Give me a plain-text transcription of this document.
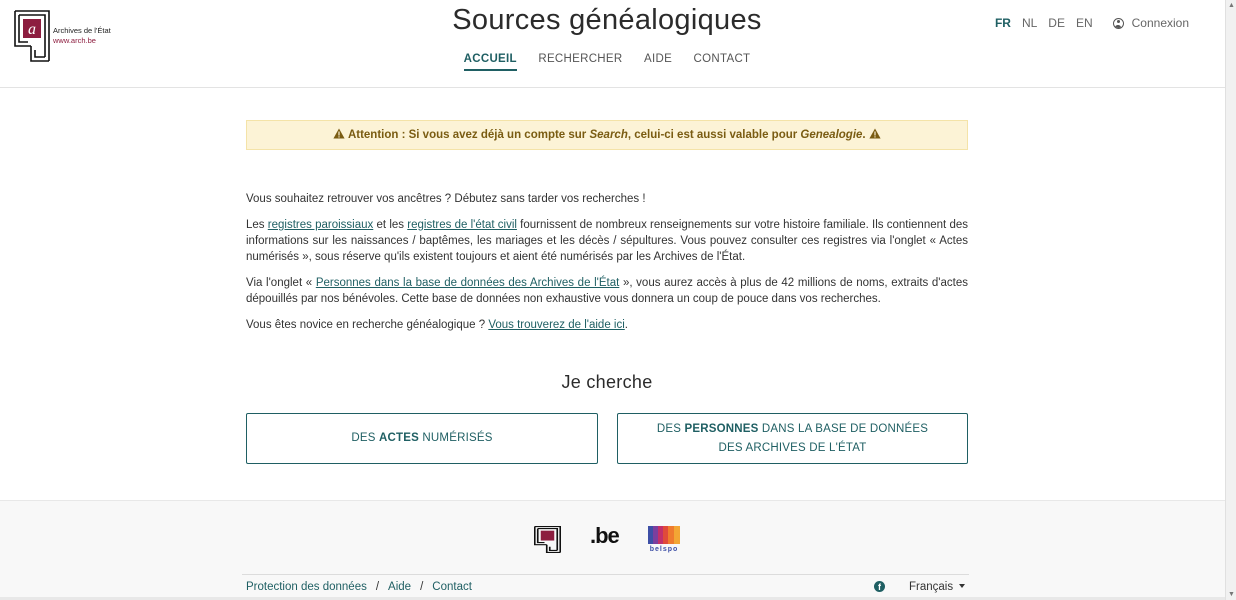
a Archives de l'État
www.arch.be
Sources généalogiques
ACCUEIL RECHERCHER AIDE CONTACT
FR NL DE EN	Connexion
▲
▼
Attention : Si vous avez déjà un compte sur Search, celui-ci est aussi valable pour Genealogie.

Vous souhaitez retrouver vos ancêtres ? Débutez sans tarder vos recherches !

Les registres paroissiaux et les registres de l'état civil fournissent de nombreux renseignements sur votre histoire familiale. Ils contiennent des informations sur les naissances / baptêmes, les mariages et les décès / sépultures. Vous pouvez consulter ces registres via l'onglet « Actes numérisés », sous réserve qu'ils existent toujours et aient été numérisés par les Archives de l'État.

Via l'onglet « Personnes dans la base de données des Archives de l'État », vous aurez accès à plus de 42 millions de noms, extraits d'actes dépouillés par nos bénévoles. Cette base de données non exhaustive vous donnera un coup de pouce dans vos recherches.

Vous êtes novice en recherche généalogique ? Vous trouverez de l'aide ici.

Je cherche
DES ACTES NUMÉRISÉS
DES PERSONNES DANS LA BASE DE DONNÉES
DES ARCHIVES DE L'ÉTAT
.be
belspo
Protection des données / Aide / Contact	f	Français
